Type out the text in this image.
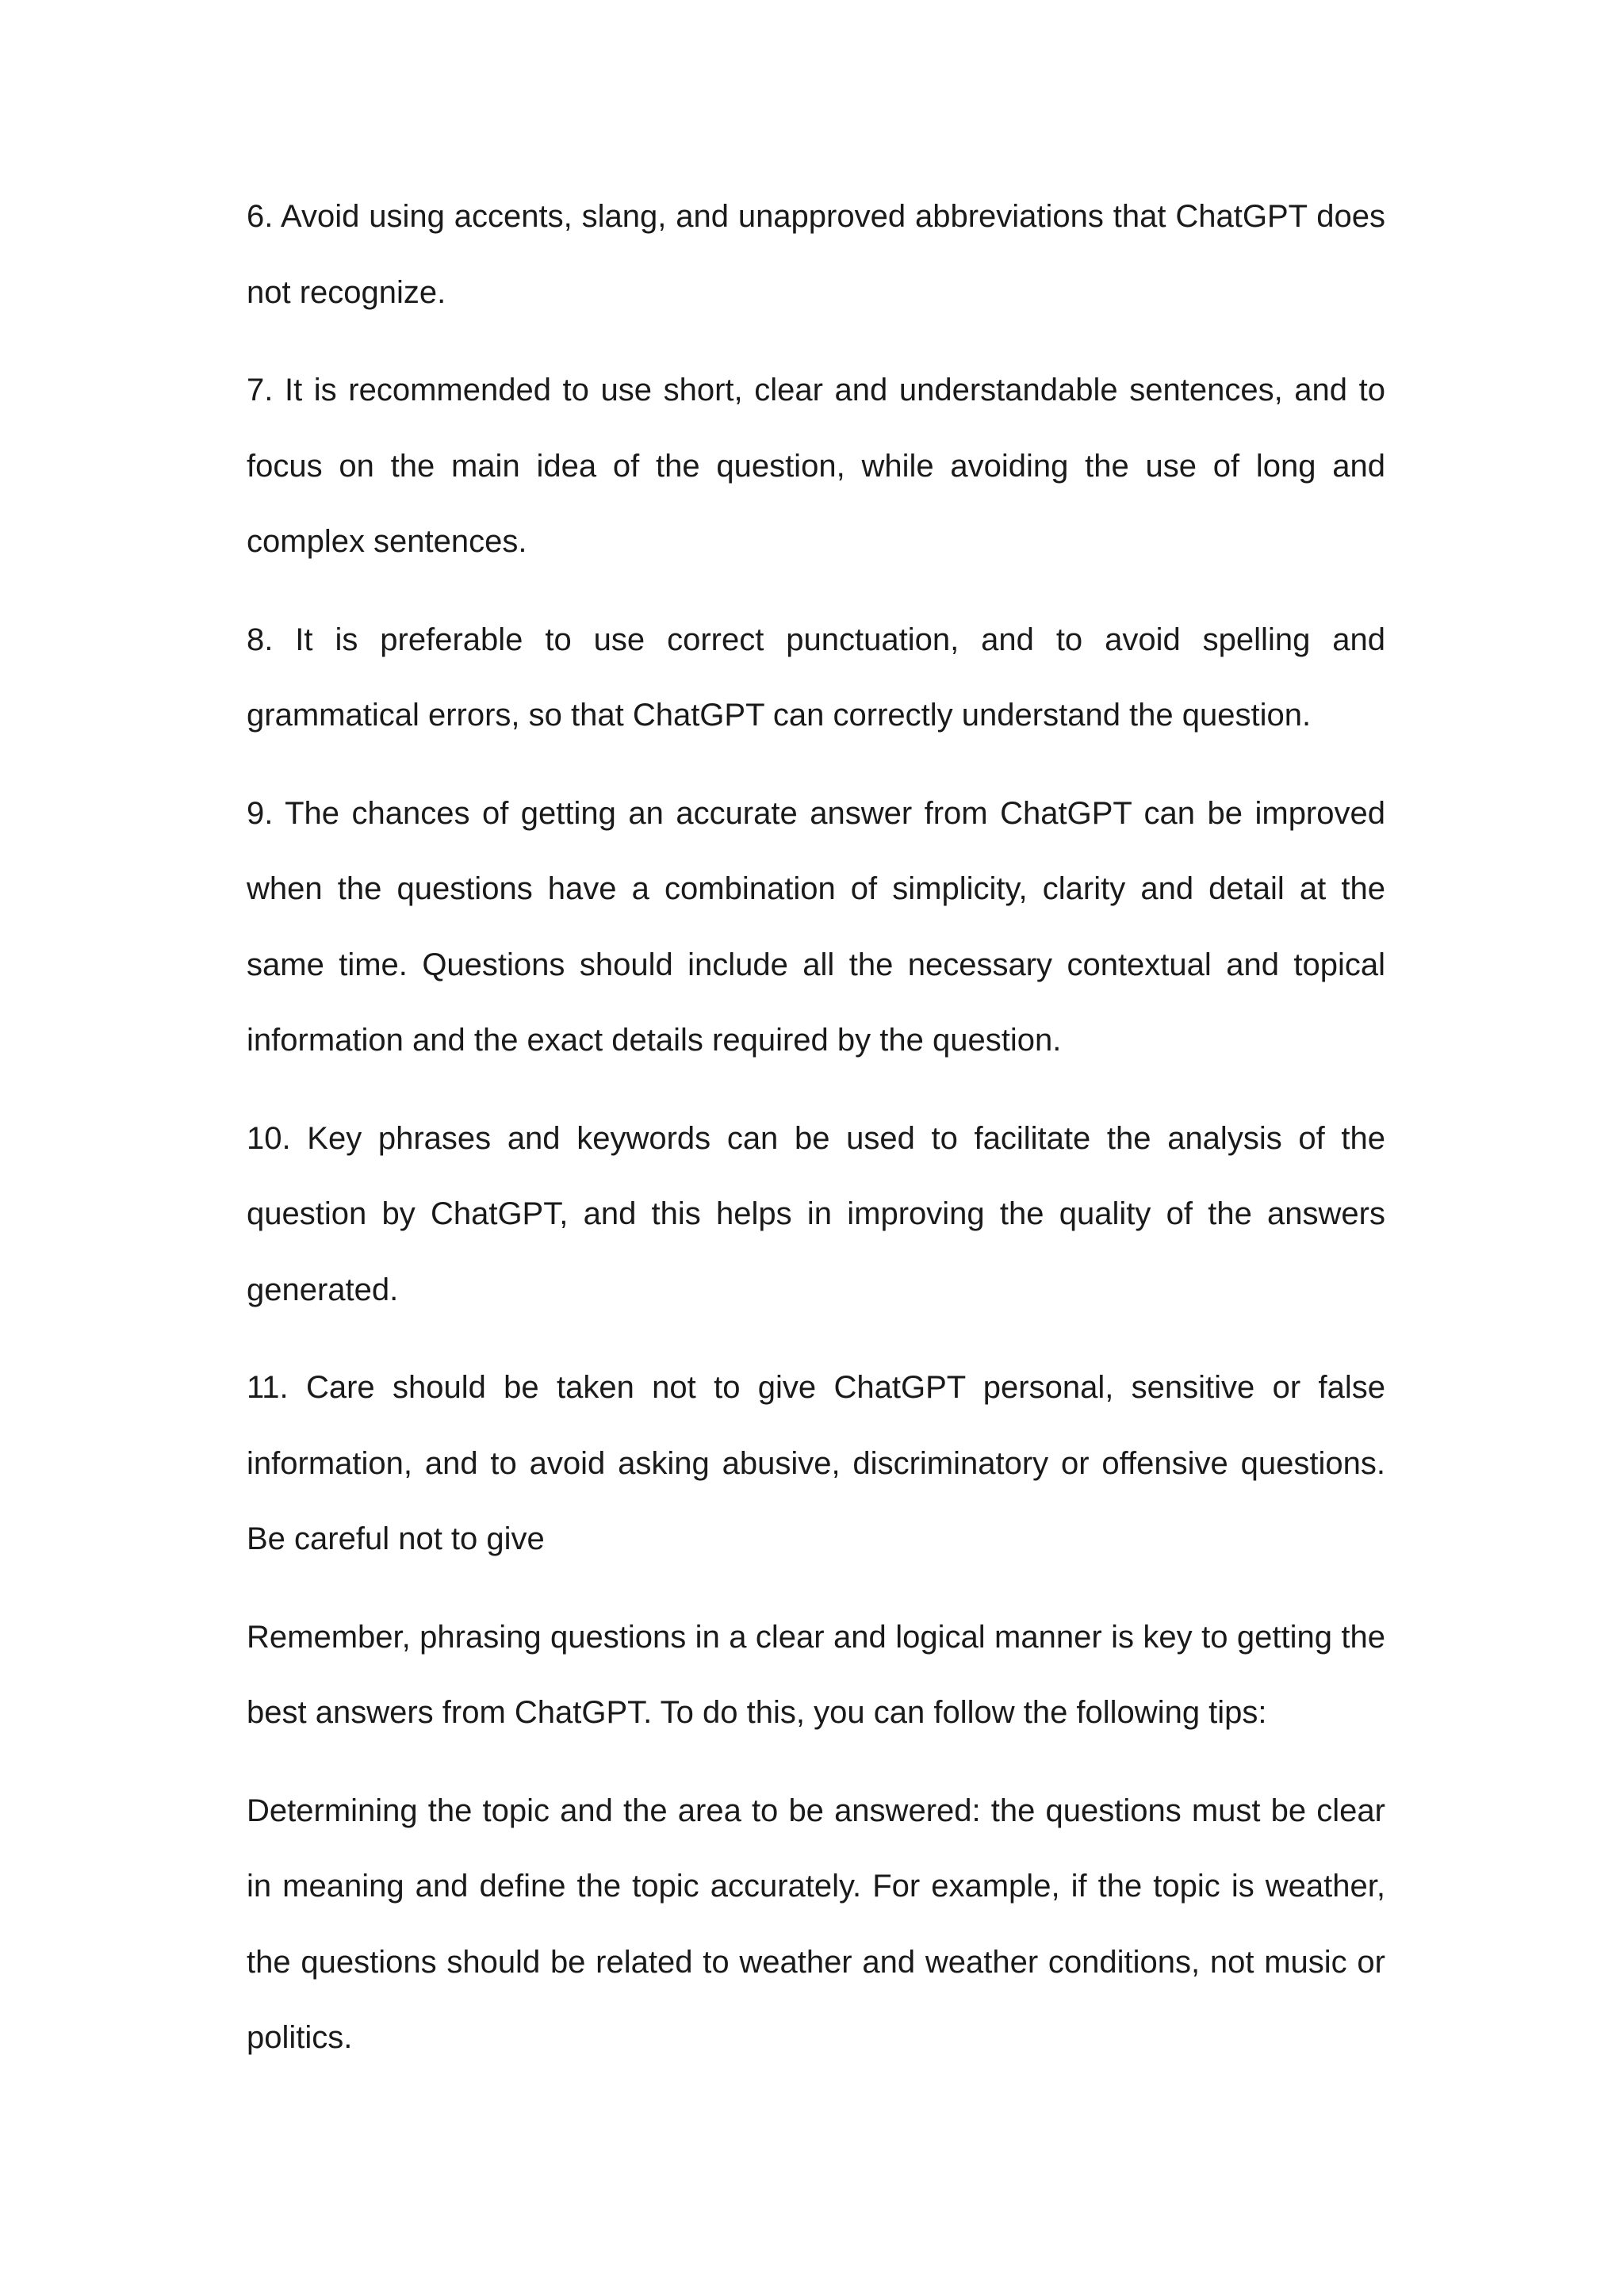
6. Avoid using accents, slang, and unapproved abbreviations that ChatGPT does not recognize.

7. It is recommended to use short, clear and understandable sentences, and to focus on the main idea of the question, while avoiding the use of long and complex sentences.

8. It is preferable to use correct punctuation, and to avoid spelling and grammatical errors, so that ChatGPT can correctly understand the question.

9. The chances of getting an accurate answer from ChatGPT can be improved when the questions have a combination of simplicity, clarity and detail at the same time. Questions should include all the necessary contextual and topical information and the exact details required by the question.

10. Key phrases and keywords can be used to facilitate the analysis of the question by ChatGPT, and this helps in improving the quality of the answers generated.

11. Care should be taken not to give ChatGPT personal, sensitive or false information, and to avoid asking abusive, discriminatory or offensive questions. Be careful not to give

Remember, phrasing questions in a clear and logical manner is key to getting the best answers from ChatGPT. To do this, you can follow the following tips:

Determining the topic and the area to be answered: the questions must be clear in meaning and define the topic accurately. For example, if the topic is weather, the questions should be related to weather and weather conditions, not music or politics.
